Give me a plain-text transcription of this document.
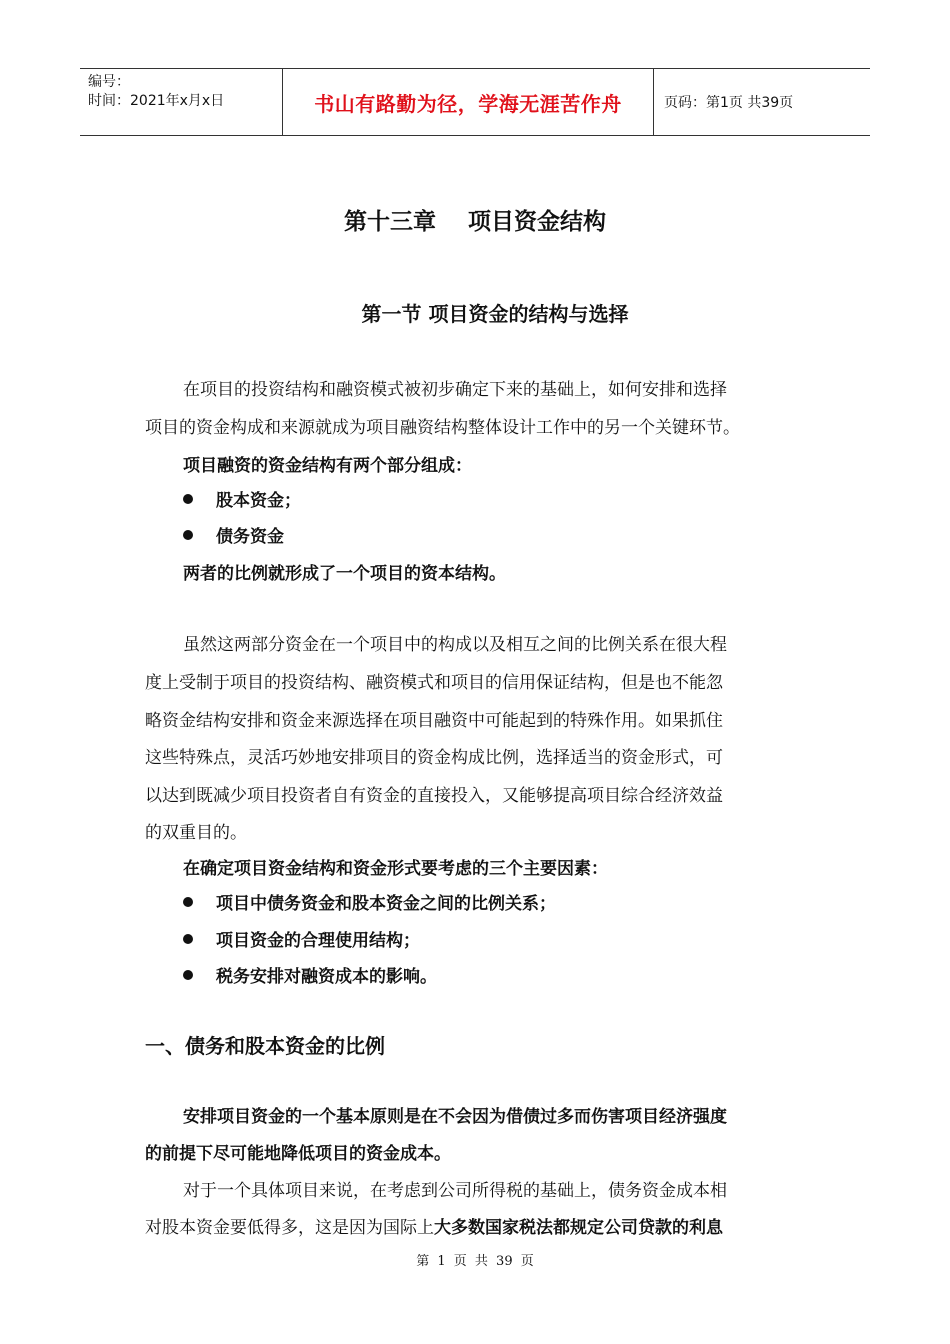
编号：
时间：2021年x月x日	书山有路勤为径，学海无涯苦作舟	页码：第1页 共39页
第十三章    项目资金结构
第一节 项目资金的结构与选择
在项目的投资结构和融资模式被初步确定下来的基础上，如何安排和选择
项目的资金构成和来源就成为项目融资结构整体设计工作中的另一个关键环节。
项目融资的资金结构有两个部分组成：
股本资金；
债务资金
两者的比例就形成了一个项目的资本结构。
虽然这两部分资金在一个项目中的构成以及相互之间的比例关系在很大程
度上受制于项目的投资结构、融资模式和项目的信用保证结构，但是也不能忽
略资金结构安排和资金来源选择在项目融资中可能起到的特殊作用。如果抓住
这些特殊点，灵活巧妙地安排项目的资金构成比例，选择适当的资金形式，可
以达到既减少项目投资者自有资金的直接投入，又能够提高项目综合经济效益
的双重目的。
在确定项目资金结构和资金形式要考虑的三个主要因素：
项目中债务资金和股本资金之间的比例关系；
项目资金的合理使用结构；
税务安排对融资成本的影响。
一、债务和股本资金的比例
安排项目资金的一个基本原则是在不会因为借债过多而伤害项目经济强度
的前提下尽可能地降低项目的资金成本。
对于一个具体项目来说，在考虑到公司所得税的基础上，债务资金成本相
对股本资金要低得多，这是因为国际上大多数国家税法都规定公司贷款的利息
第 1 页 共 39 页
